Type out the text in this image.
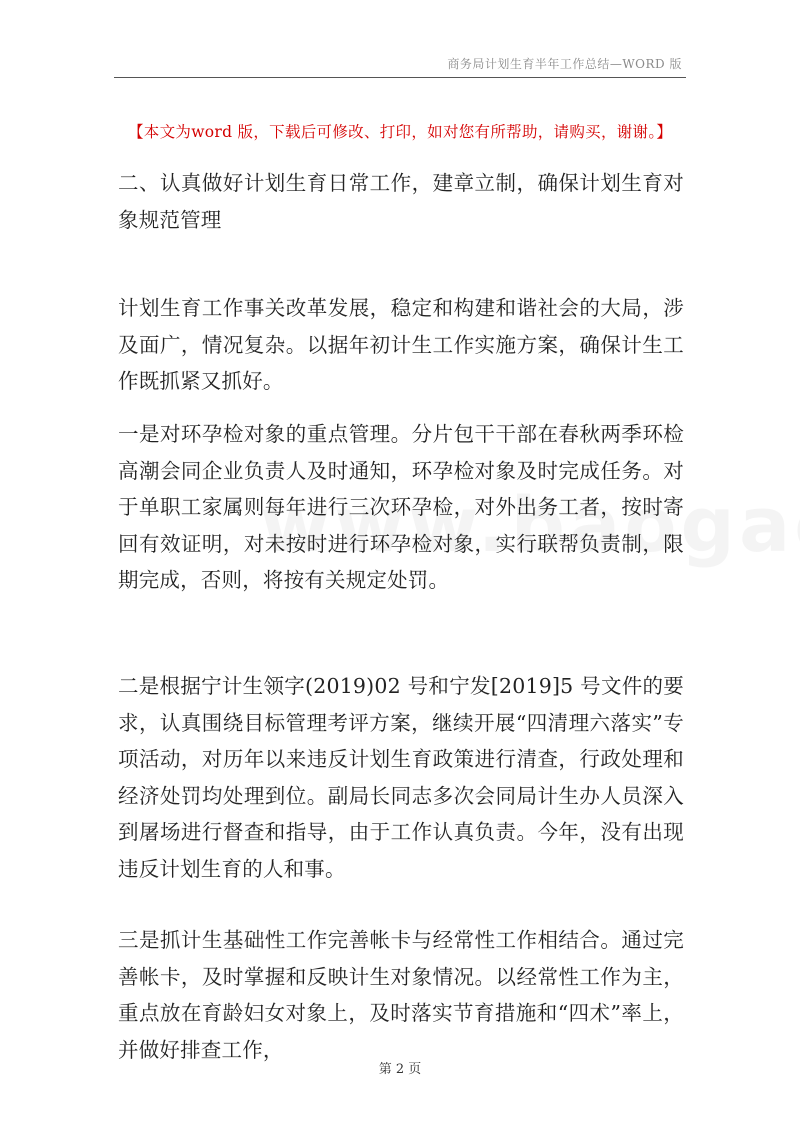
商务局计划生育半年工作总结—WORD 版
【本文为word 版，下载后可修改、打印，如对您有所帮助，请购买，谢谢。】

二、认真做好计划生育日常工作，建章立制，确保计划生育对象规范管理

计划生育工作事关改革发展，稳定和构建和谐社会的大局，涉及面广，情况复杂。以据年初计生工作实施方案，确保计生工作既抓紧又抓好。

一是对环孕检对象的重点管理。分片包干干部在春秋两季环检高潮会同企业负责人及时通知，环孕检对象及时完成任务。对于单职工家属则每年进行三次环孕检，对外出务工者，按时寄回有效证明，对未按时进行环孕检对象，实行联帮负责制，限期完成，否则，将按有关规定处罚。

二是根据宁计生领字(2019)02 号和宁发[2019]5 号文件的要求，认真围绕目标管理考评方案，继续开展“四清理六落实”专项活动，对历年以来违反计划生育政策进行清查，行政处理和经济处罚均处理到位。副局长同志多次会同局计生办人员深入到屠场进行督查和指导，由于工作认真负责。今年，没有出现违反计划生育的人和事。

三是抓计生基础性工作完善帐卡与经常性工作相结合。通过完善帐卡，及时掌握和反映计生对象情况。以经常性工作为主，重点放在育龄妇女对象上，及时落实节育措施和“四术”率上，并做好排查工作，

第 2 页
